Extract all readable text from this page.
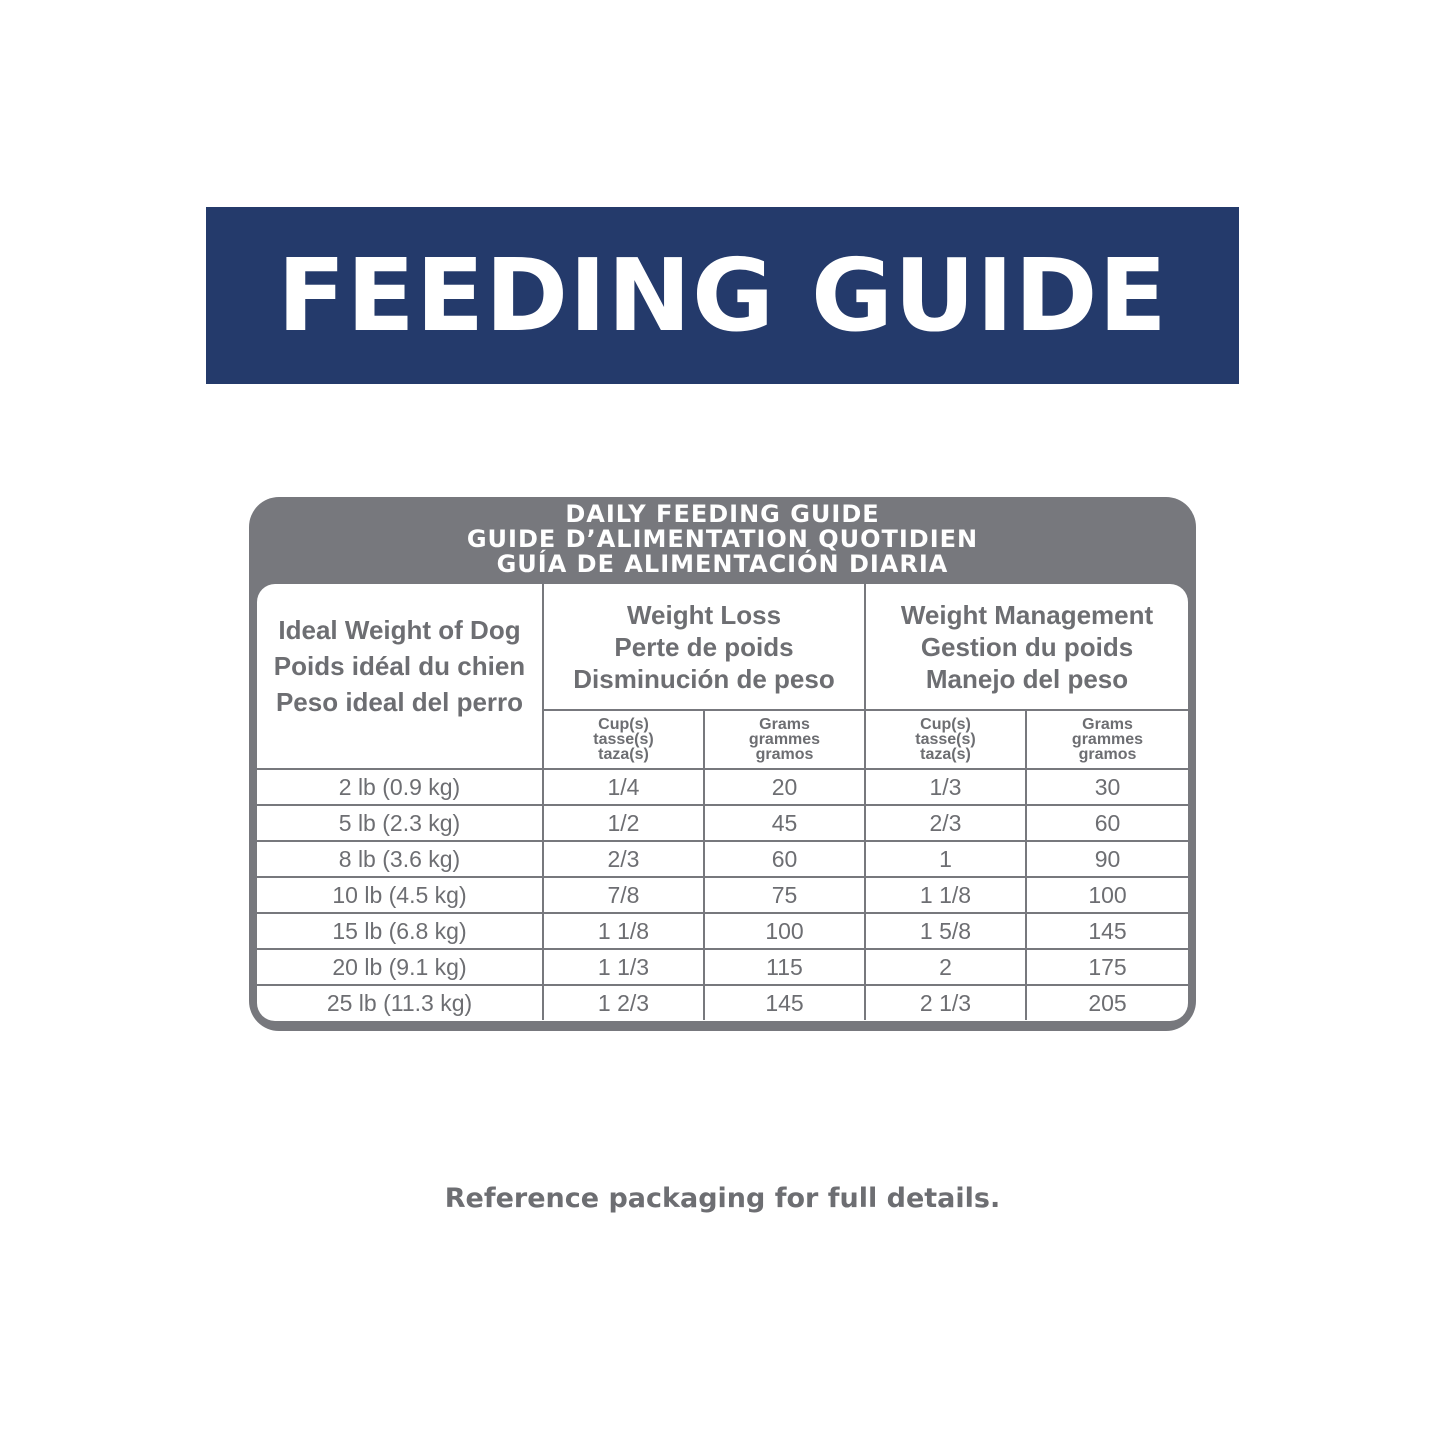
FEEDING GUIDE
DAILY FEEDING GUIDE
GUIDE D’ALIMENTATION QUOTIDIEN
GUÍA DE ALIMENTACIÓN DIARIA
Ideal Weight of Dog
Poids idéal du chien
Peso ideal del perro	Weight Loss
Perte de poids
Disminución de peso		Weight Management
Gestion du poids
Manejo del peso	

	Cup(s)
tasse(s)
taza(s)	Grams
grammes
gramos	Cup(s)
tasse(s)
taza(s)	Grams
grammes
gramos

2 lb (0.9 kg)	1/4	20	1/3	30
5 lb (2.3 kg)	1/2	45	2/3	60
8 lb (3.6 kg)	2/3	60	1	90
10 lb (4.5 kg)	7/8	75	1 1/8	100
15 lb (6.8 kg)	1 1/8	100	1 5/8	145
20 lb (9.1 kg)	1 1/3	115	2	175
25 lb (11.3 kg)	1 2/3	145	2 1/3	205
Reference packaging for full details.
